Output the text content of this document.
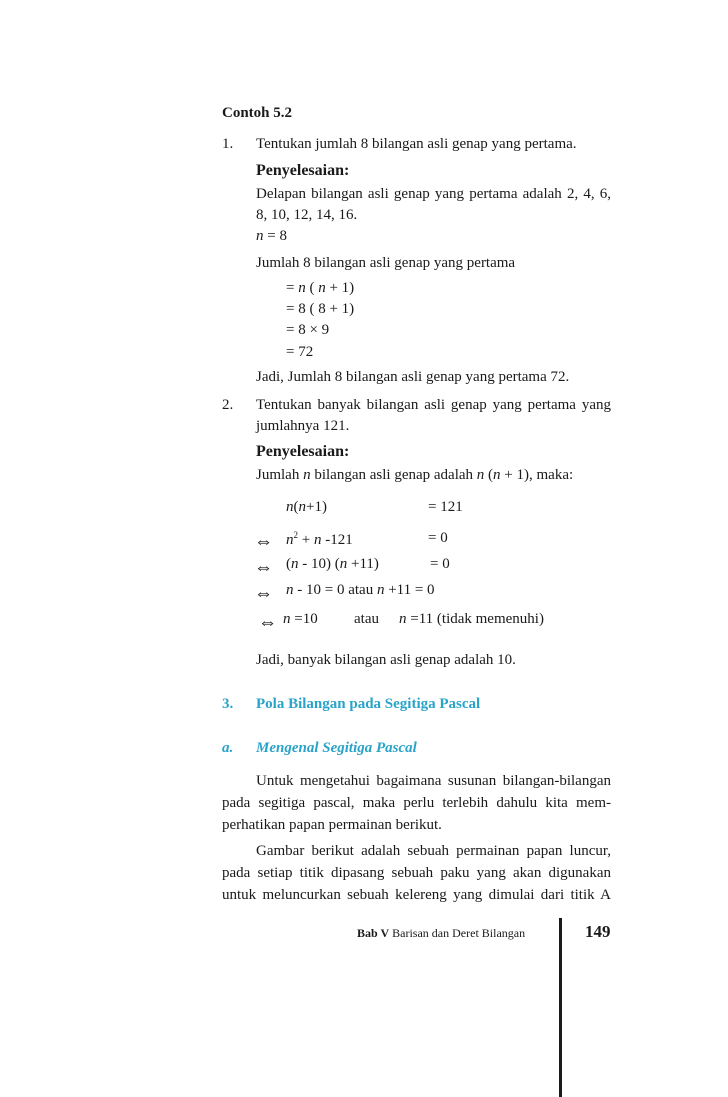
Contoh 5.2
1. Tentukan jumlah 8 bilangan asli genap yang pertama.
Penyelesaian:
Delapan bilangan asli genap yang pertama adalah 2, 4, 6,
8, 10, 12, 14, 16.
n = 8
Jumlah 8 bilangan asli genap yang pertama
= n ( n + 1)
= 8 ( 8 + 1)
= 8 × 9
= 72
Jadi, Jumlah 8 bilangan asli genap yang pertama 72.
2. Tentukan banyak bilangan asli genap yang pertama yang
jumlahnya 121.
Penyelesaian:
Jumlah n bilangan asli genap adalah n (n + 1), maka:
n(n+1)	= 121
⇔ $n^2 + n$ -121	= 0
⇔ (n - 10) (n +11)	= 0
⇔ n - 10 = 0 atau n +11 = 0
⇔ n =10 atau n =11 (tidak memenuhi)
Jadi, banyak bilangan asli genap adalah 10.
3. Pola Bilangan pada Segitiga Pascal
a. Mengenal Segitiga Pascal
Untuk mengetahui bagaimana susunan bilangan-bilangan
pada segitiga pascal, maka perlu terlebih dahulu kita mem-
perhatikan papan permainan berikut.
Gambar berikut adalah sebuah permainan papan luncur,
pada setiap titik dipasang sebuah paku yang akan digunakan
untuk meluncurkan sebuah kelereng yang dimulai dari titik A
Bab V Barisan dan Deret Bilangan	149
